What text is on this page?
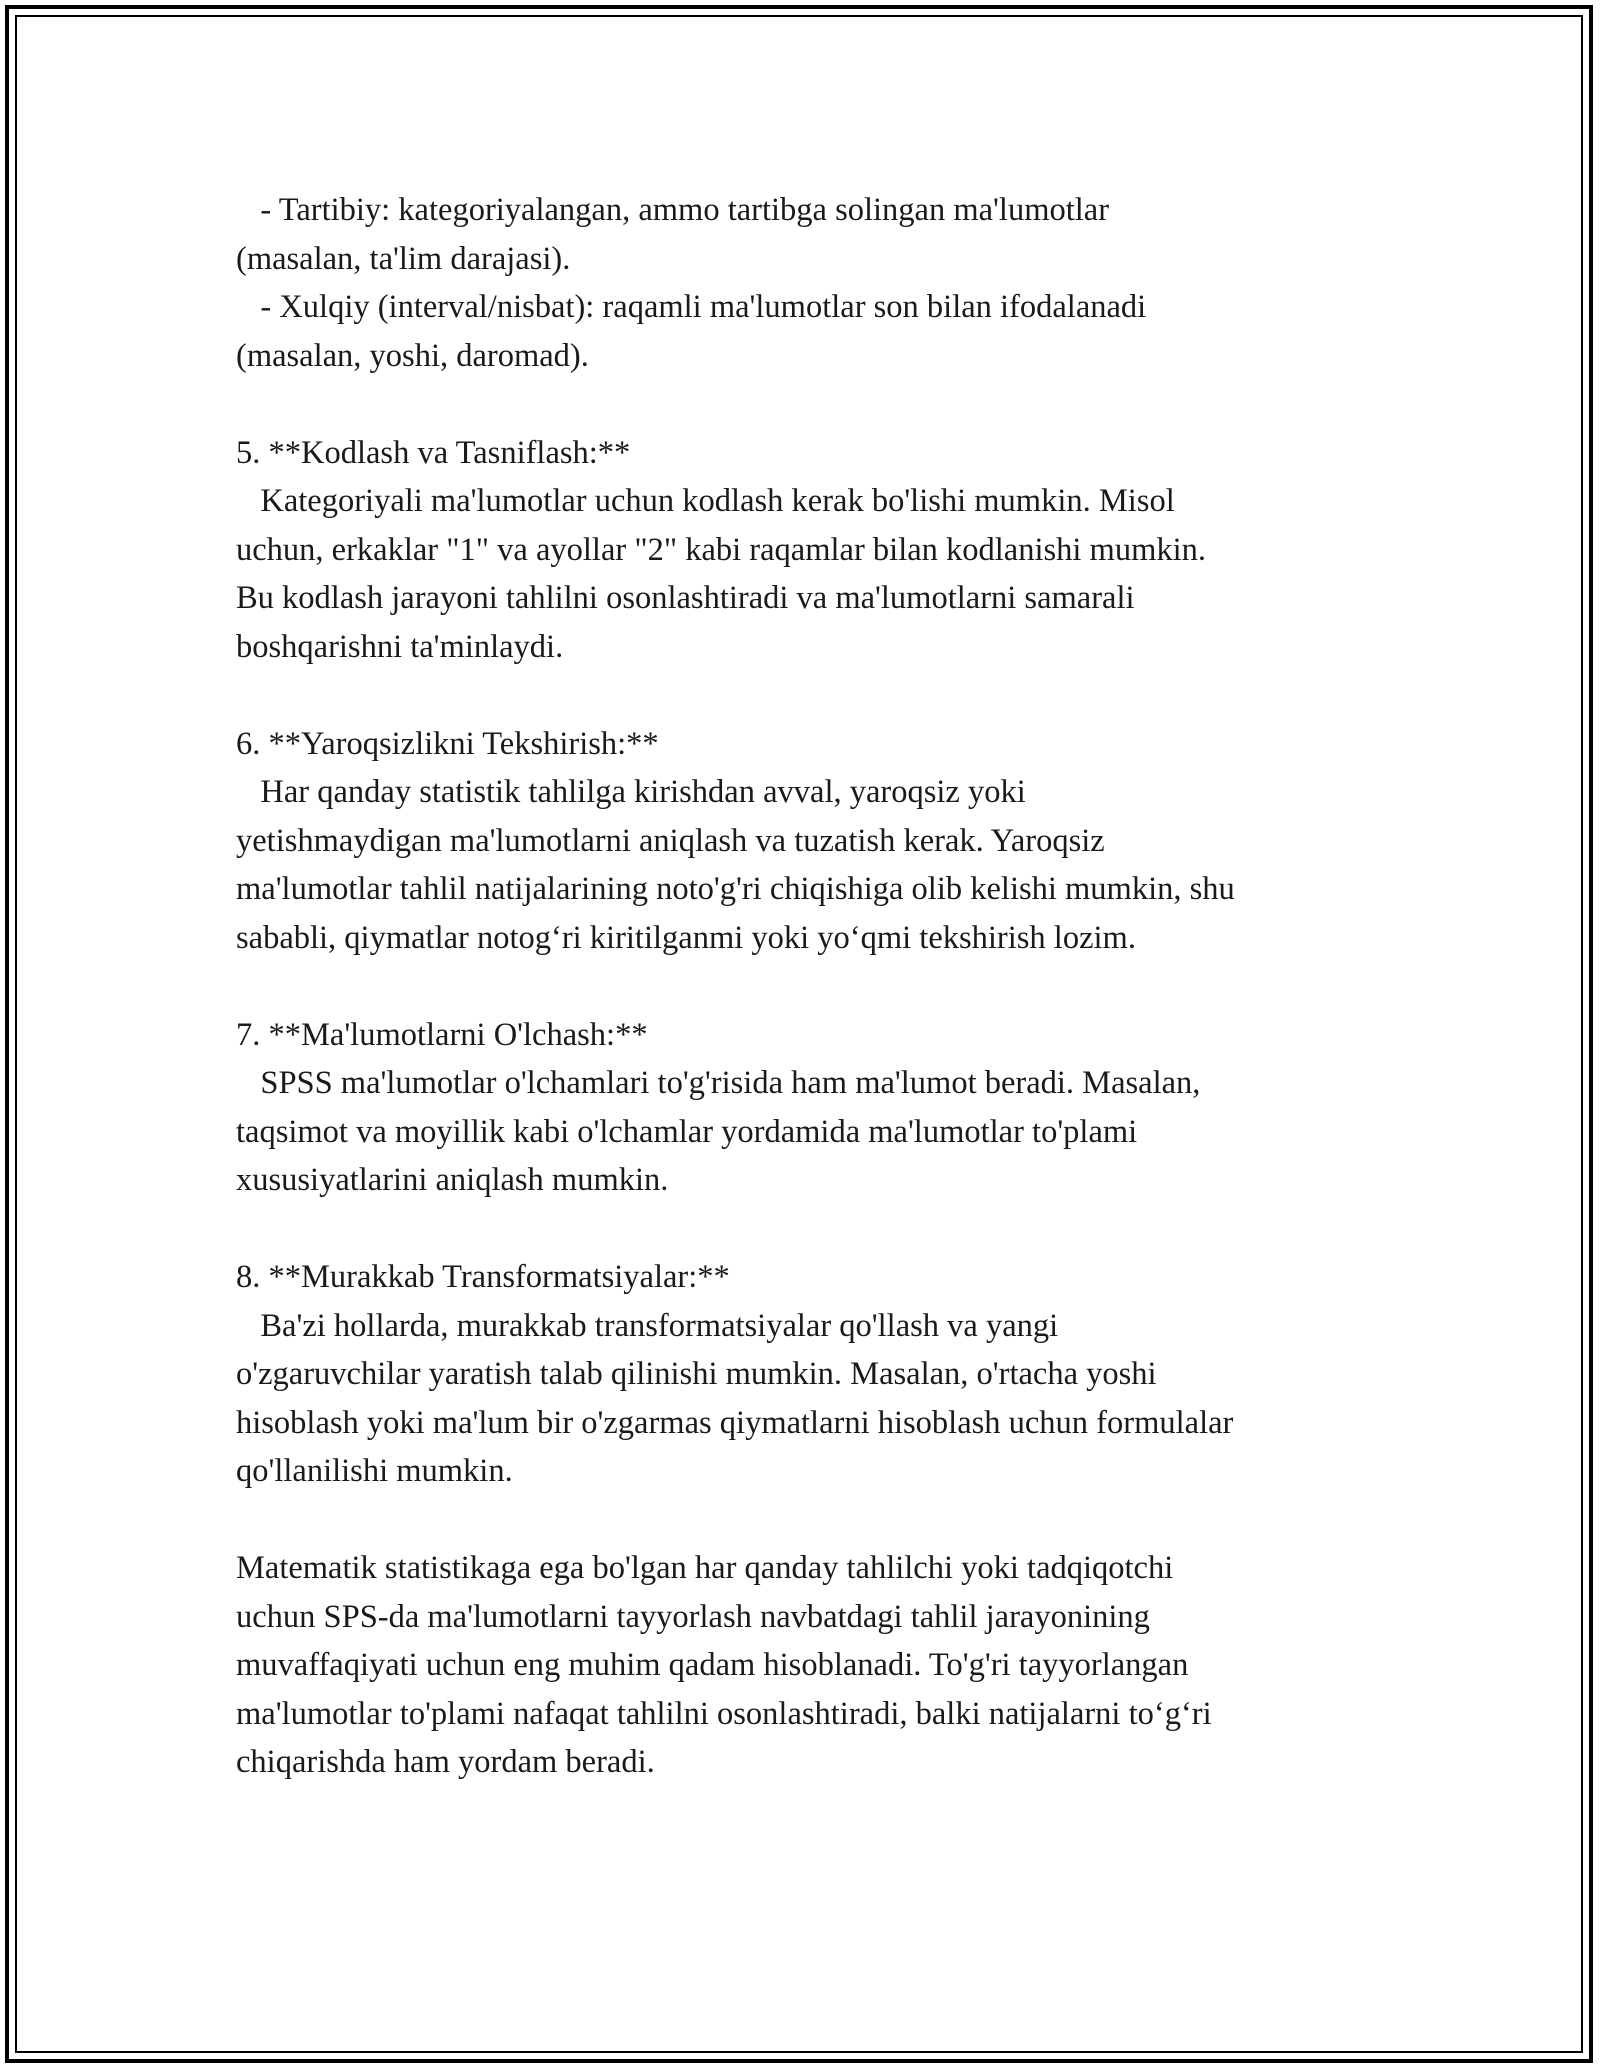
- Tartibiy: kategoriyalangan, ammo tartibga solingan ma'lumotlar
(masalan, ta'lim darajasi).
- Xulqiy (interval/nisbat): raqamli ma'lumotlar son bilan ifodalanadi
(masalan, yoshi, daromad).
5. **Kodlash va Tasniflash:**
Kategoriyali ma'lumotlar uchun kodlash kerak bo'lishi mumkin. Misol
uchun, erkaklar "1" va ayollar "2" kabi raqamlar bilan kodlanishi mumkin.
Bu kodlash jarayoni tahlilni osonlashtiradi va ma'lumotlarni samarali
boshqarishni ta'minlaydi.
6. **Yaroqsizlikni Tekshirish:**
Har qanday statistik tahlilga kirishdan avval, yaroqsiz yoki
yetishmaydigan ma'lumotlarni aniqlash va tuzatish kerak. Yaroqsiz
ma'lumotlar tahlil natijalarining noto'g'ri chiqishiga olib kelishi mumkin, shu
sababli, qiymatlar notog‘ri kiritilganmi yoki yo‘qmi tekshirish lozim.
7. **Ma'lumotlarni O'lchash:**
SPSS ma'lumotlar o'lchamlari to'g'risida ham ma'lumot beradi. Masalan,
taqsimot va moyillik kabi o'lchamlar yordamida ma'lumotlar to'plami
xususiyatlarini aniqlash mumkin.
8. **Murakkab Transformatsiyalar:**
Ba'zi hollarda, murakkab transformatsiyalar qo'llash va yangi
o'zgaruvchilar yaratish talab qilinishi mumkin. Masalan, o'rtacha yoshi
hisoblash yoki ma'lum bir o'zgarmas qiymatlarni hisoblash uchun formulalar
qo'llanilishi mumkin.
Matematik statistikaga ega bo'lgan har qanday tahlilchi yoki tadqiqotchi
uchun SPS-da ma'lumotlarni tayyorlash navbatdagi tahlil jarayonining
muvaffaqiyati uchun eng muhim qadam hisoblanadi. To'g'ri tayyorlangan
ma'lumotlar to'plami nafaqat tahlilni osonlashtiradi, balki natijalarni to‘g‘ri
chiqarishda ham yordam beradi.
